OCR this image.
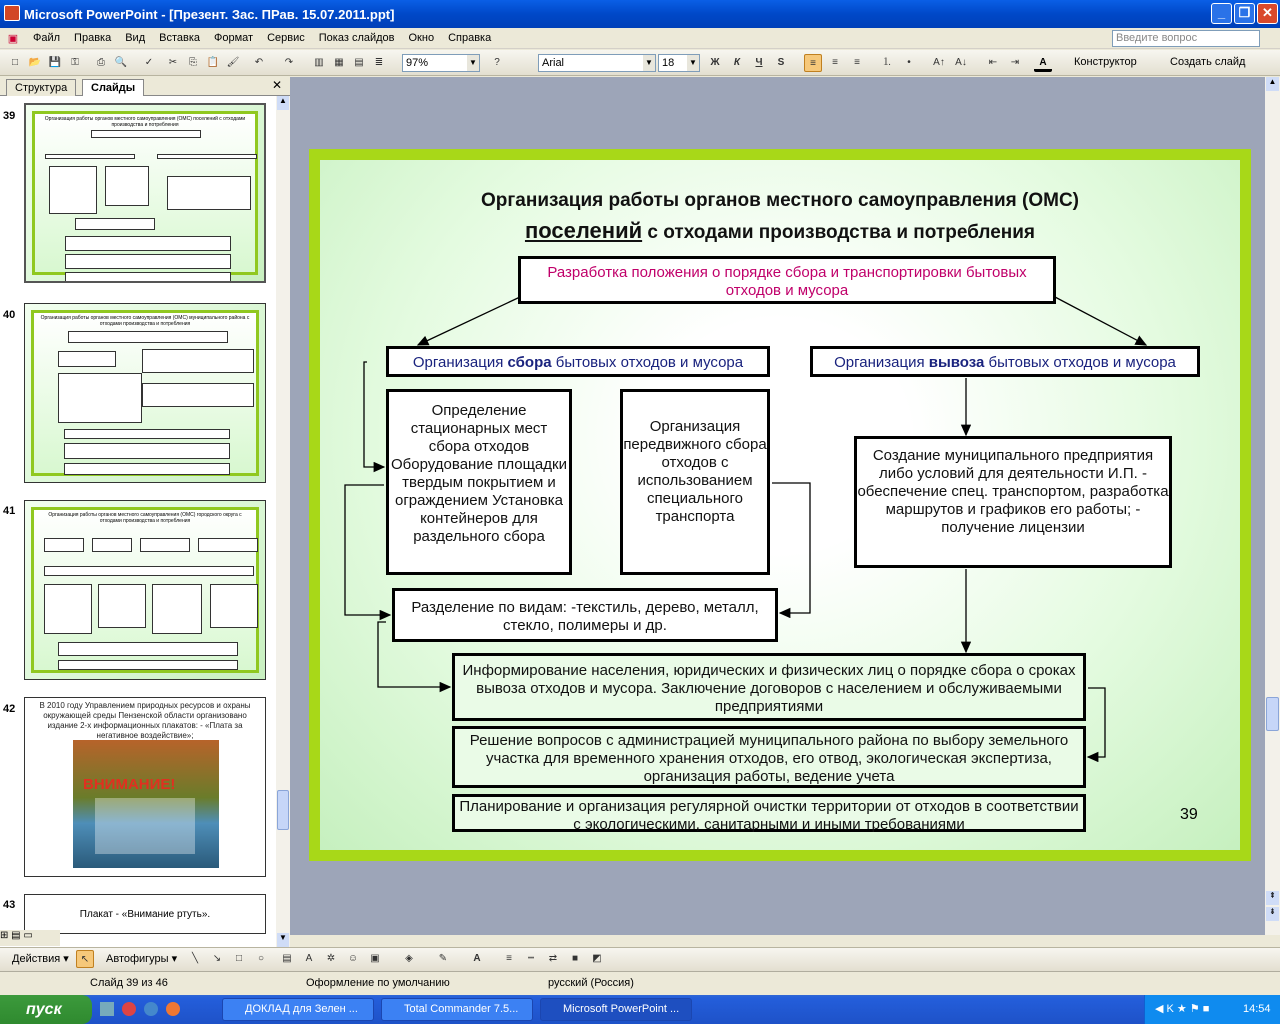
Microsoft PowerPoint - [Презент. Зас. ПРав. 15.07.2011.ppt]	_	❐ ✕
▣	Файл	Правка	Вид	Вставка	Формат	Сервис	Показ слайдов	Окно	Справка	Введите вопрос
□	📂 💾 ⚿	⎙ 🔍	✓	✂	⎘ 📋 🖌	↶	↷	▥	▦	▤	≣	97%	▼	?	Arial	▼ 18 ▼	Ж	К	Ч	S	≡	≡	≡	⒈	•	A↑	A↓	⇤	⇥	A	Конструктор	Создать слайд
Структура	Слайды	✕
39	Организация работы органов местного самоуправления (ОМС) поселений с отходами производства и потребления
40	Организация работы органов местного самоуправления (ОМС) муниципального района с отходами производства и потребления
41	Организация работы органов местного самоуправления (ОМС) городского округа с отходами производства и потребления
42	В 2010 году Управлением природных ресурсов и охраны окружающей среды Пензенской области организовано издание 2-х информационных плакатов: - «Плата за негативное воздействие»;
ВНИМАНИЕ!
43
Плакат - «Внимание ртуть».
▲
▼
⊞ ▤ ▭
Организация работы органов местного самоуправления (ОМС)
поселений с отходами производства и потребления
Разработка положения о порядке сбора и транспортировки бытовых отходов и мусора
Организация сбора бытовых отходов и мусора	Организация вывоза бытовых отходов и мусора
Определение стационарных мест сбора отходов Оборудование площадки твердым покрытием и ограждением Установка контейнеров для раздельного сбора
Организация передвижного сбора отходов с использованием специального транспорта
Создание муниципального предприятия либо условий для деятельности И.П. - обеспечение спец. транспортом, разработка маршрутов и графиков его работы; - получение лицензии
Разделение по видам: -текстиль, дерево, металл, стекло, полимеры и др.
Информирование населения, юридических и физических лиц о порядке сбора о сроках вывоза отходов и мусора. Заключение договоров с населением и обслуживаемыми предприятиями
Решение вопросов с администрацией муниципального района по выбору земельного участка для временного хранения отходов, его отвод, экологическая экспертиза, организация работы, ведение учета
Планирование и организация регулярной очистки территории от отходов в соответствии с экологическими, санитарными и иными требованиями
39
▲
⇞
⇟
Действия ▾	↖	Автофигуры ▾	╲	↘	□	○	▤	A	✲	☺	▣	◈	✎	A	≡	┅	⇄	■	◩
Слайд 39 из 46	Оформление по умолчанию	русский (Россия)
пуск	ДОКЛАД для Зелен ...	Total Commander 7.5...	Microsoft PowerPoint ...	◀ K ★ ⚑ ■	14:54
